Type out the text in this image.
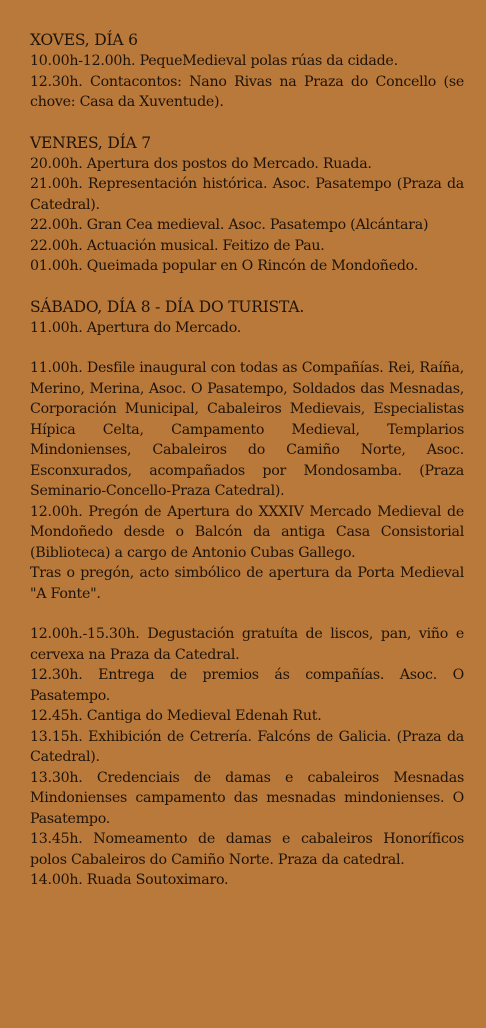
XOVES, DÍA 6

10.00h-12.00h. PequeMedieval polas rúas da cidade.

12.30h. Contacontos: Nano Rivas na Praza do Concello (se chove: Casa da Xuventude).

VENRES, DÍA 7

20.00h. Apertura dos postos do Mercado. Ruada.

21.00h. Representación histórica. Asoc. Pasatempo (Praza da Catedral).

22.00h. Gran Cea medieval. Asoc. Pasatempo (Alcántara)

22.00h. Actuación musical. Feitizo de Pau.

01.00h. Queimada popular en O Rincón de Mondoñedo.

SÁBADO, DÍA 8 - DÍA DO TURISTA.

11.00h. Apertura do Mercado.

11.00h. Desfile inaugural con todas as Compañías. Rei, Raíña, Merino, Merina, Asoc. O Pasatempo, Soldados das Mesnadas, Corporación Municipal, Cabaleiros Medievais, Especialistas Hípica Celta, Campamento Medieval, Templarios Mindonienses, Cabaleiros do Camiño Norte, Asoc. Esconxurados, acompañados por Mondosamba. (Praza Seminario-Concello-Praza Catedral).

12.00h. Pregón de Apertura do XXXIV Mercado Medieval de Mondoñedo desde o Balcón da antiga Casa Consistorial (Biblioteca) a cargo de Antonio Cubas Gallego.

Tras o pregón, acto simbólico de apertura da Porta Medieval "A Fonte".

12.00h.-15.30h. Degustación gratuíta de liscos, pan, viño e cervexa na Praza da Catedral.

12.30h. Entrega de premios ás compañías. Asoc. O Pasatempo.

12.45h. Cantiga do Medieval Edenah Rut.

13.15h. Exhibición de Cetrería. Falcóns de Galicia. (Praza da Catedral).

13.30h. Credenciais de damas e cabaleiros Mesnadas Mindonienses campamento das mesnadas mindonienses. O Pasatempo.

13.45h. Nomeamento de damas e cabaleiros Honoríficos polos Cabaleiros do Camiño Norte. Praza da catedral.

14.00h. Ruada Soutoximaro.
